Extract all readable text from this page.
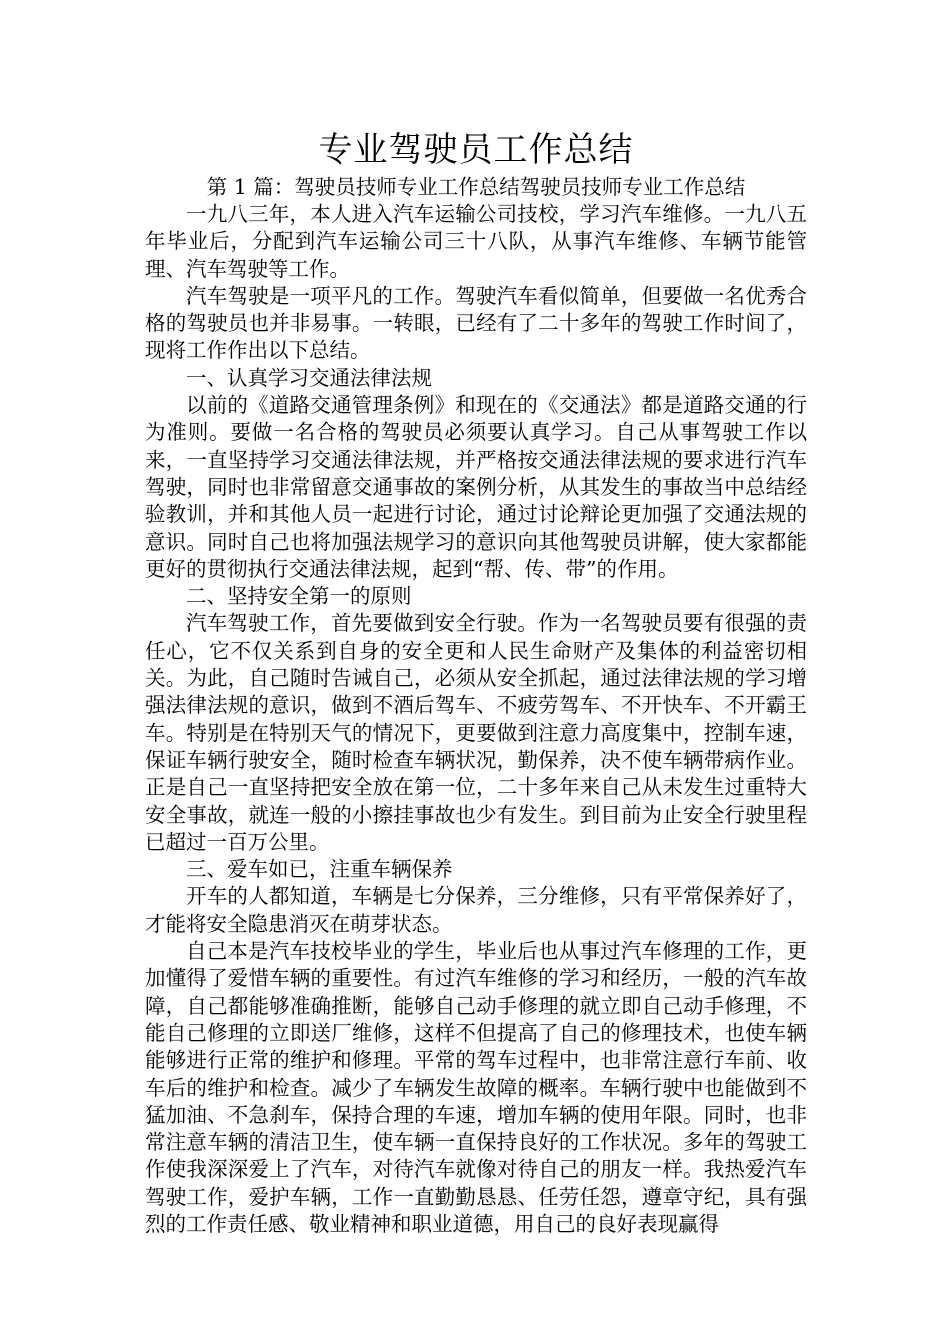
专业驾驶员工作总结

第 1 篇：驾驶员技师专业工作总结驾驶员技师专业工作总结

一九八三年，本人进入汽车运输公司技校，学习汽车维修。一九八五年毕业后，分配到汽车运输公司三十八队，从事汽车维修、车辆节能管理、汽车驾驶等工作。

汽车驾驶是一项平凡的工作。驾驶汽车看似简单，但要做一名优秀合格的驾驶员也并非易事。一转眼，已经有了二十多年的驾驶工作时间了，现将工作作出以下总结。

一、认真学习交通法律法规

以前的《道路交通管理条例》和现在的《交通法》都是道路交通的行为准则。要做一名合格的驾驶员必须要认真学习。自己从事驾驶工作以来，一直坚持学习交通法律法规，并严格按交通法律法规的要求进行汽车驾驶，同时也非常留意交通事故的案例分析，从其发生的事故当中总结经验教训，并和其他人员一起进行讨论，通过讨论辩论更加强了交通法规的意识。同时自己也将加强法规学习的意识向其他驾驶员讲解，使大家都能更好的贯彻执行交通法律法规，起到“帮、传、带”的作用。

二、坚持安全第一的原则

汽车驾驶工作，首先要做到安全行驶。作为一名驾驶员要有很强的责任心，它不仅关系到自身的安全更和人民生命财产及集体的利益密切相关。为此，自己随时告诫自己，必须从安全抓起，通过法律法规的学习增强法律法规的意识，做到不酒后驾车、不疲劳驾车、不开快车、不开霸王车。特别是在特别天气的情况下，更要做到注意力高度集中，控制车速，保证车辆行驶安全，随时检查车辆状况，勤保养，决不使车辆带病作业。正是自己一直坚持把安全放在第一位，二十多年来自己从未发生过重特大安全事故，就连一般的小擦挂事故也少有发生。到目前为止安全行驶里程已超过一百万公里。

三、爱车如已，注重车辆保养

开车的人都知道，车辆是七分保养，三分维修，只有平常保养好了，才能将安全隐患消灭在萌芽状态。

自己本是汽车技校毕业的学生，毕业后也从事过汽车修理的工作，更加懂得了爱惜车辆的重要性。有过汽车维修的学习和经历，一般的汽车故障，自己都能够准确推断，能够自己动手修理的就立即自己动手修理，不能自己修理的立即送厂维修，这样不但提高了自己的修理技术，也使车辆能够进行正常的维护和修理。平常的驾车过程中，也非常注意行车前、收车后的维护和检查。减少了车辆发生故障的概率。车辆行驶中也能做到不猛加油、不急刹车，保持合理的车速，增加车辆的使用年限。同时，也非常注意车辆的清洁卫生，使车辆一直保持良好的工作状况。多年的驾驶工作使我深深爱上了汽车，对待汽车就像对待自己的朋友一样。我热爱汽车驾驶工作，爱护车辆，工作一直勤勤恳恳、任劳任怨，遵章守纪，具有强烈的工作责任感、敬业精神和职业道德，用自己的良好表现赢得
